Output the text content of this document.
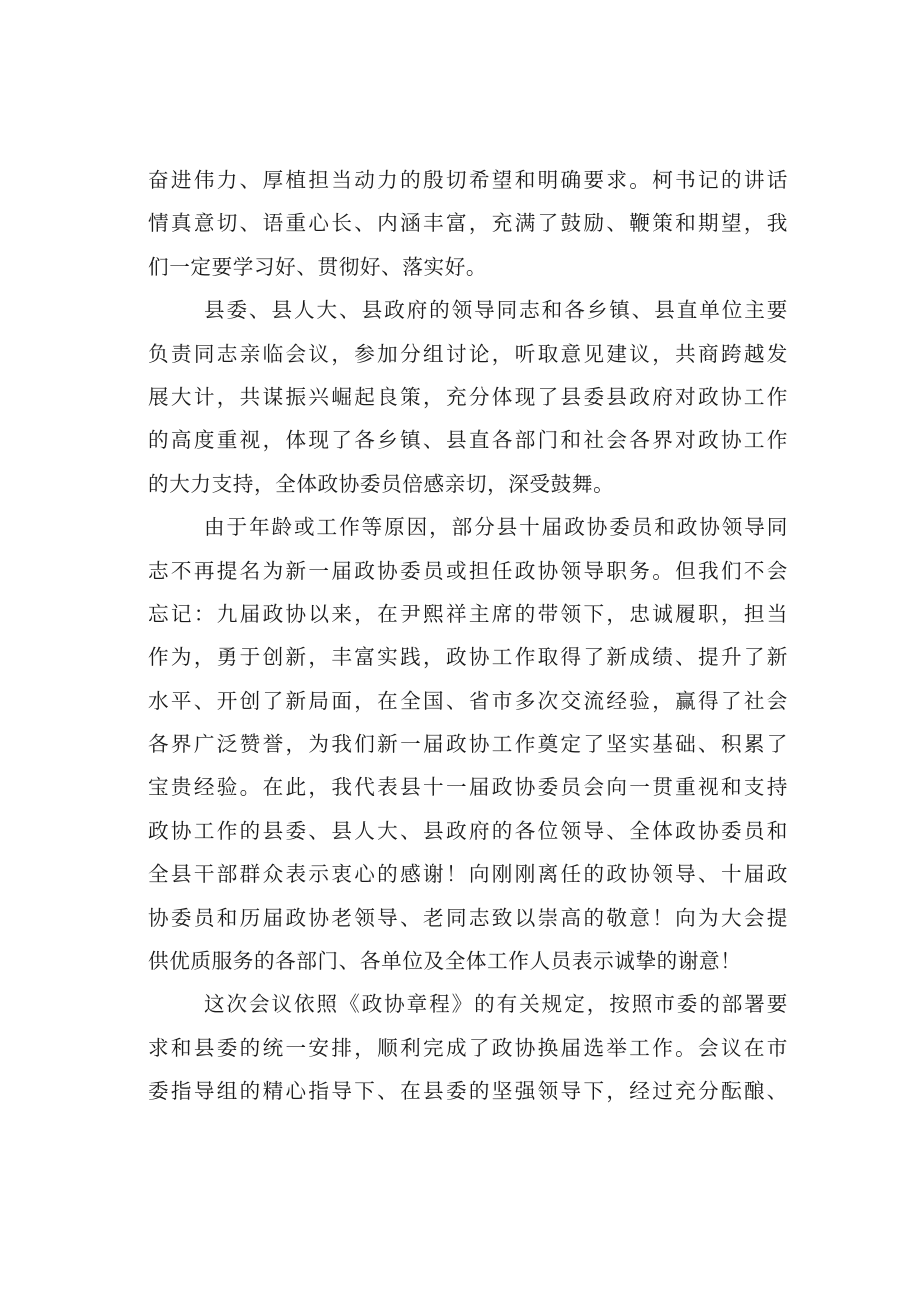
奋进伟力、厚植担当动力的殷切希望和明确要求。柯书记的讲话
情真意切、语重心长、内涵丰富，充满了鼓励、鞭策和期望，我
们一定要学习好、贯彻好、落实好。
县委、县人大、县政府的领导同志和各乡镇、县直单位主要
负责同志亲临会议，参加分组讨论，听取意见建议，共商跨越发
展大计，共谋振兴崛起良策，充分体现了县委县政府对政协工作
的高度重视，体现了各乡镇、县直各部门和社会各界对政协工作
的大力支持，全体政协委员倍感亲切，深受鼓舞。
由于年龄或工作等原因，部分县十届政协委员和政协领导同
志不再提名为新一届政协委员或担任政协领导职务。但我们不会
忘记：九届政协以来，在尹熙祥主席的带领下，忠诚履职，担当
作为，勇于创新，丰富实践，政协工作取得了新成绩、提升了新
水平、开创了新局面，在全国、省市多次交流经验，赢得了社会
各界广泛赞誉，为我们新一届政协工作奠定了坚实基础、积累了
宝贵经验。在此，我代表县十一届政协委员会向一贯重视和支持
政协工作的县委、县人大、县政府的各位领导、全体政协委员和
全县干部群众表示衷心的感谢！向刚刚离任的政协领导、十届政
协委员和历届政协老领导、老同志致以崇高的敬意！向为大会提
供优质服务的各部门、各单位及全体工作人员表示诚挚的谢意！
这次会议依照《政协章程》的有关规定，按照市委的部署要
求和县委的统一安排，顺利完成了政协换届选举工作。会议在市
委指导组的精心指导下、在县委的坚强领导下，经过充分酝酿、
